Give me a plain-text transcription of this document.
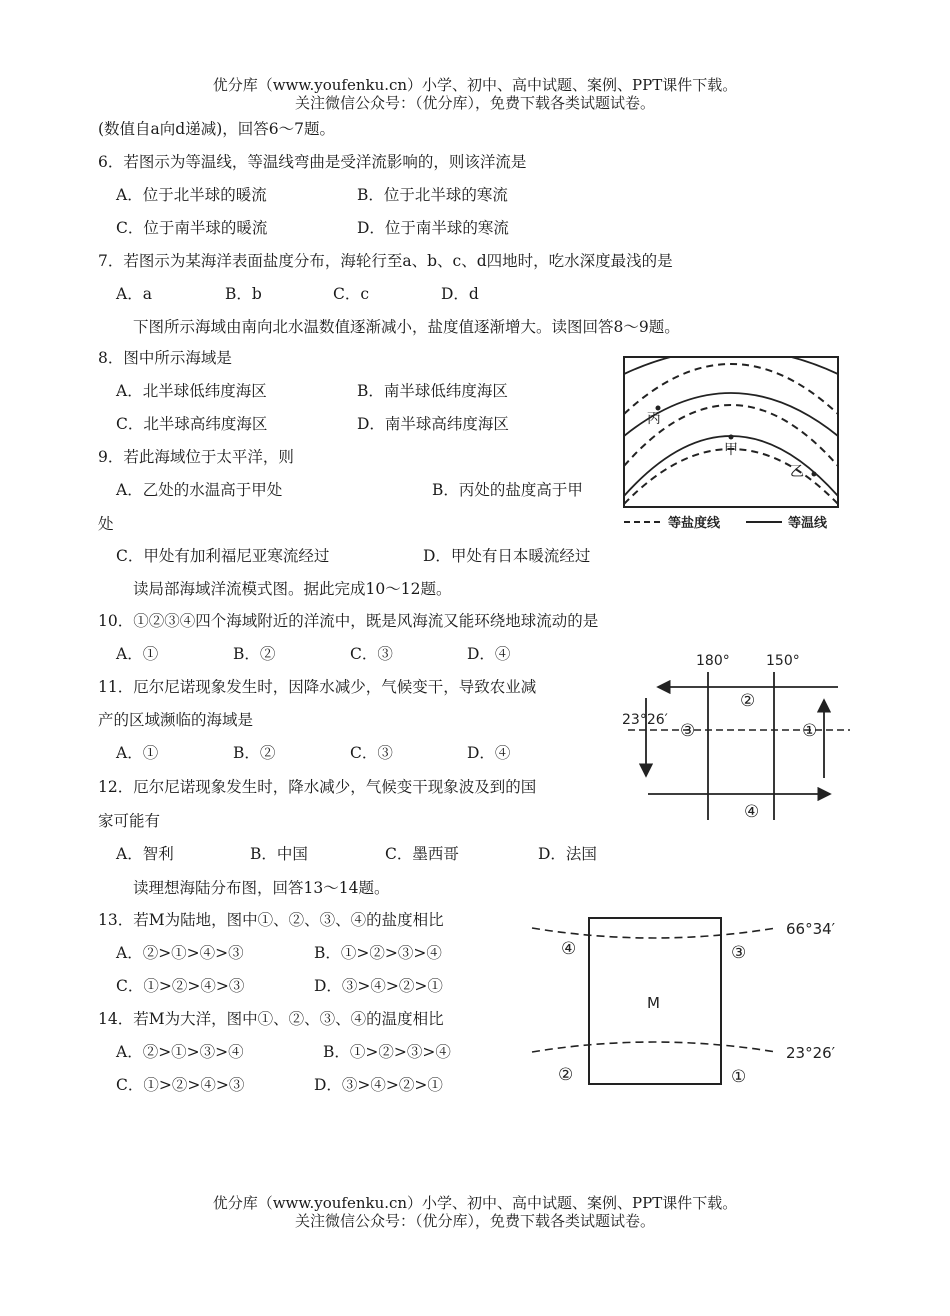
优分库（www.youfenku.cn）小学、初中、高中试题、案例、PPT课件下载。
关注微信公众号：（优分库），免费下载各类试题试卷。
(数值自a向d递减)，回答6～7题。
6．若图示为等温线，等温线弯曲是受洋流影响的，则该洋流是
A．位于北半球的暖流	B．位于北半球的寒流
C．位于南半球的暖流	D．位于南半球的寒流
7．若图示为某海洋表面盐度分布，海轮行至a、b、c、d四地时，吃水深度最浅的是
A．a	B．b	C．c	D．d
下图所示海域由南向北水温数值逐渐减小，盐度值逐渐增大。读图回答8～9题。
8．图中所示海域是
A．北半球低纬度海区	B．南半球低纬度海区
C．北半球高纬度海区	D．南半球高纬度海区
9．若此海域位于太平洋，则
A．乙处的水温高于甲处	B．丙处的盐度高于甲
处
C．甲处有加利福尼亚寒流经过	D．甲处有日本暖流经过
丙
甲
乙
等盐度线	等温线
读局部海域洋流模式图。据此完成10～12题。
10．①②③④四个海域附近的洋流中，既是风海流又能环绕地球流动的是
A．①	B．②	C．③	D．④
11．厄尔尼诺现象发生时，因降水减少，气候变干，导致农业减
产的区域濒临的海域是
A．①	B．②	C．③	D．④
12．厄尔尼诺现象发生时，降水减少，气候变干现象波及到的国
家可能有
A．智利	B．中国	C．墨西哥	D．法国
180°	150°
23°26′
②
③	①
④
读理想海陆分布图，回答13～14题。
13．若M为陆地，图中①、②、③、④的盐度相比
A．②>①>④>③	B．①>②>③>④
C．①>②>④>③	D．③>④>②>①
14．若M为大洋，图中①、②、③、④的温度相比
A．②>①>③>④	B．①>②>③>④
C．①>②>④>③	D．③>④>②>①
66°34′
23°26′
M
④	③
②	①
优分库（www.youfenku.cn）小学、初中、高中试题、案例、PPT课件下载。
关注微信公众号：（优分库），免费下载各类试题试卷。
